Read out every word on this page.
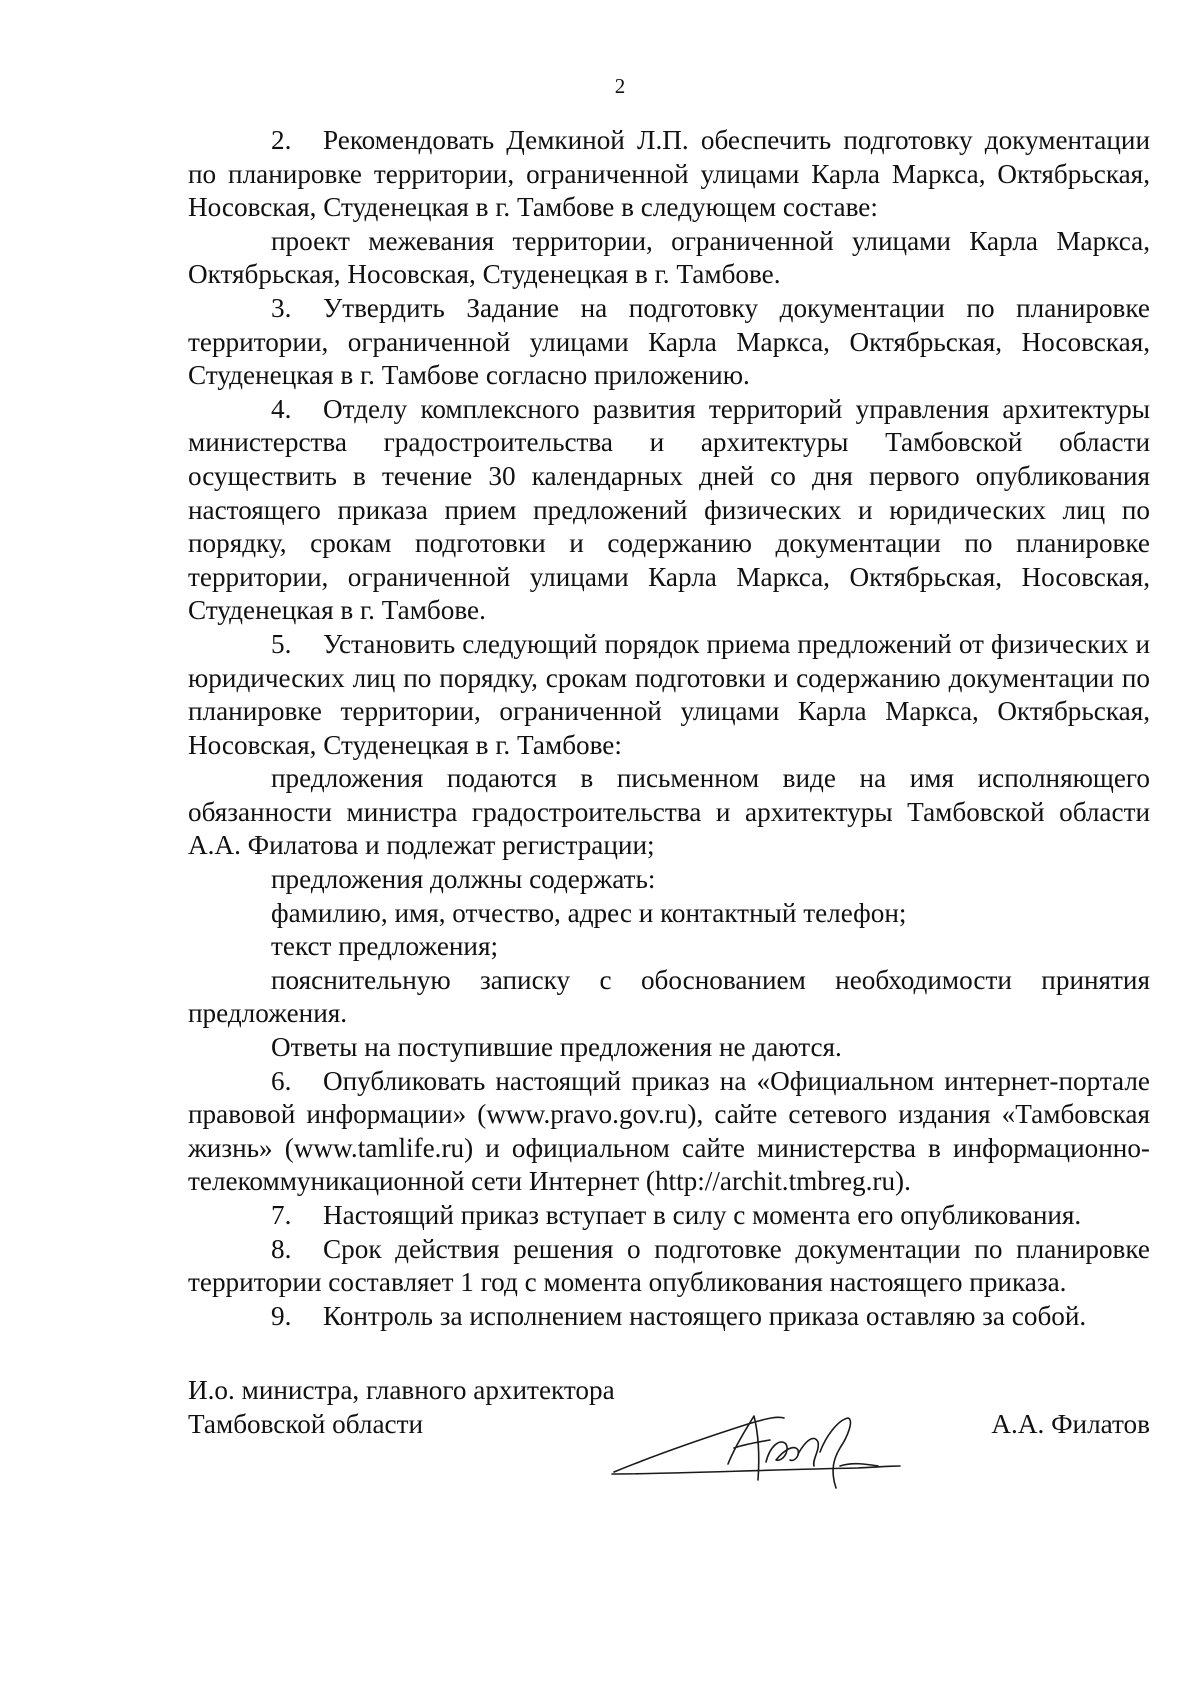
2

2. Рекомендовать Демкиной Л.П. обеспечить подготовку документации по планировке территории, ограниченной улицами Карла Маркса, Октябрьская, Носовская, Студенецкая в г. Тамбове в следующем составе:

проект межевания территории, ограниченной улицами Карла Маркса, Октябрьская, Носовская, Студенецкая в г. Тамбове.

3. Утвердить Задание на подготовку документации по планировке территории, ограниченной улицами Карла Маркса, Октябрьская, Носовская, Студенецкая в г. Тамбове согласно приложению.

4. Отделу комплексного развития территорий управления архитектуры министерства градостроительства и архитектуры Тамбовской области осуществить в течение 30 календарных дней со дня первого опубликования настоящего приказа прием предложений физических и юридических лиц по порядку, срокам подготовки и содержанию документации по планировке территории, ограниченной улицами Карла Маркса, Октябрьская, Носовская, Студенецкая в г. Тамбове.

5. Установить следующий порядок приема предложений от физических и юридических лиц по порядку, срокам подготовки и содержанию документации по планировке территории, ограниченной улицами Карла Маркса, Октябрьская, Носовская, Студенецкая в г. Тамбове:

предложения подаются в письменном виде на имя исполняющего обязанности министра градостроительства и архитектуры Тамбовской области А.А. Филатова и подлежат регистрации;

предложения должны содержать:

фамилию, имя, отчество, адрес и контактный телефон;

текст предложения;

пояснительную записку с обоснованием необходимости принятия предложения.

Ответы на поступившие предложения не даются.

6. Опубликовать настоящий приказ на «Официальном интернет-портале правовой информации» (www.pravo.gov.ru), сайте сетевого издания «Тамбовская жизнь» (www.tamlife.ru) и официальном сайте министерства в информационно-телекоммуникационной сети Интернет (http://archit.tmbreg.ru).

7. Настоящий приказ вступает в силу с момента его опубликования.

8. Срок действия решения о подготовке документации по планировке территории составляет 1 год с момента опубликования настоящего приказа.

9. Контроль за исполнением настоящего приказа оставляю за собой.

И.о. министра, главного архитектора

Тамбовской области	А.А. Филатов
